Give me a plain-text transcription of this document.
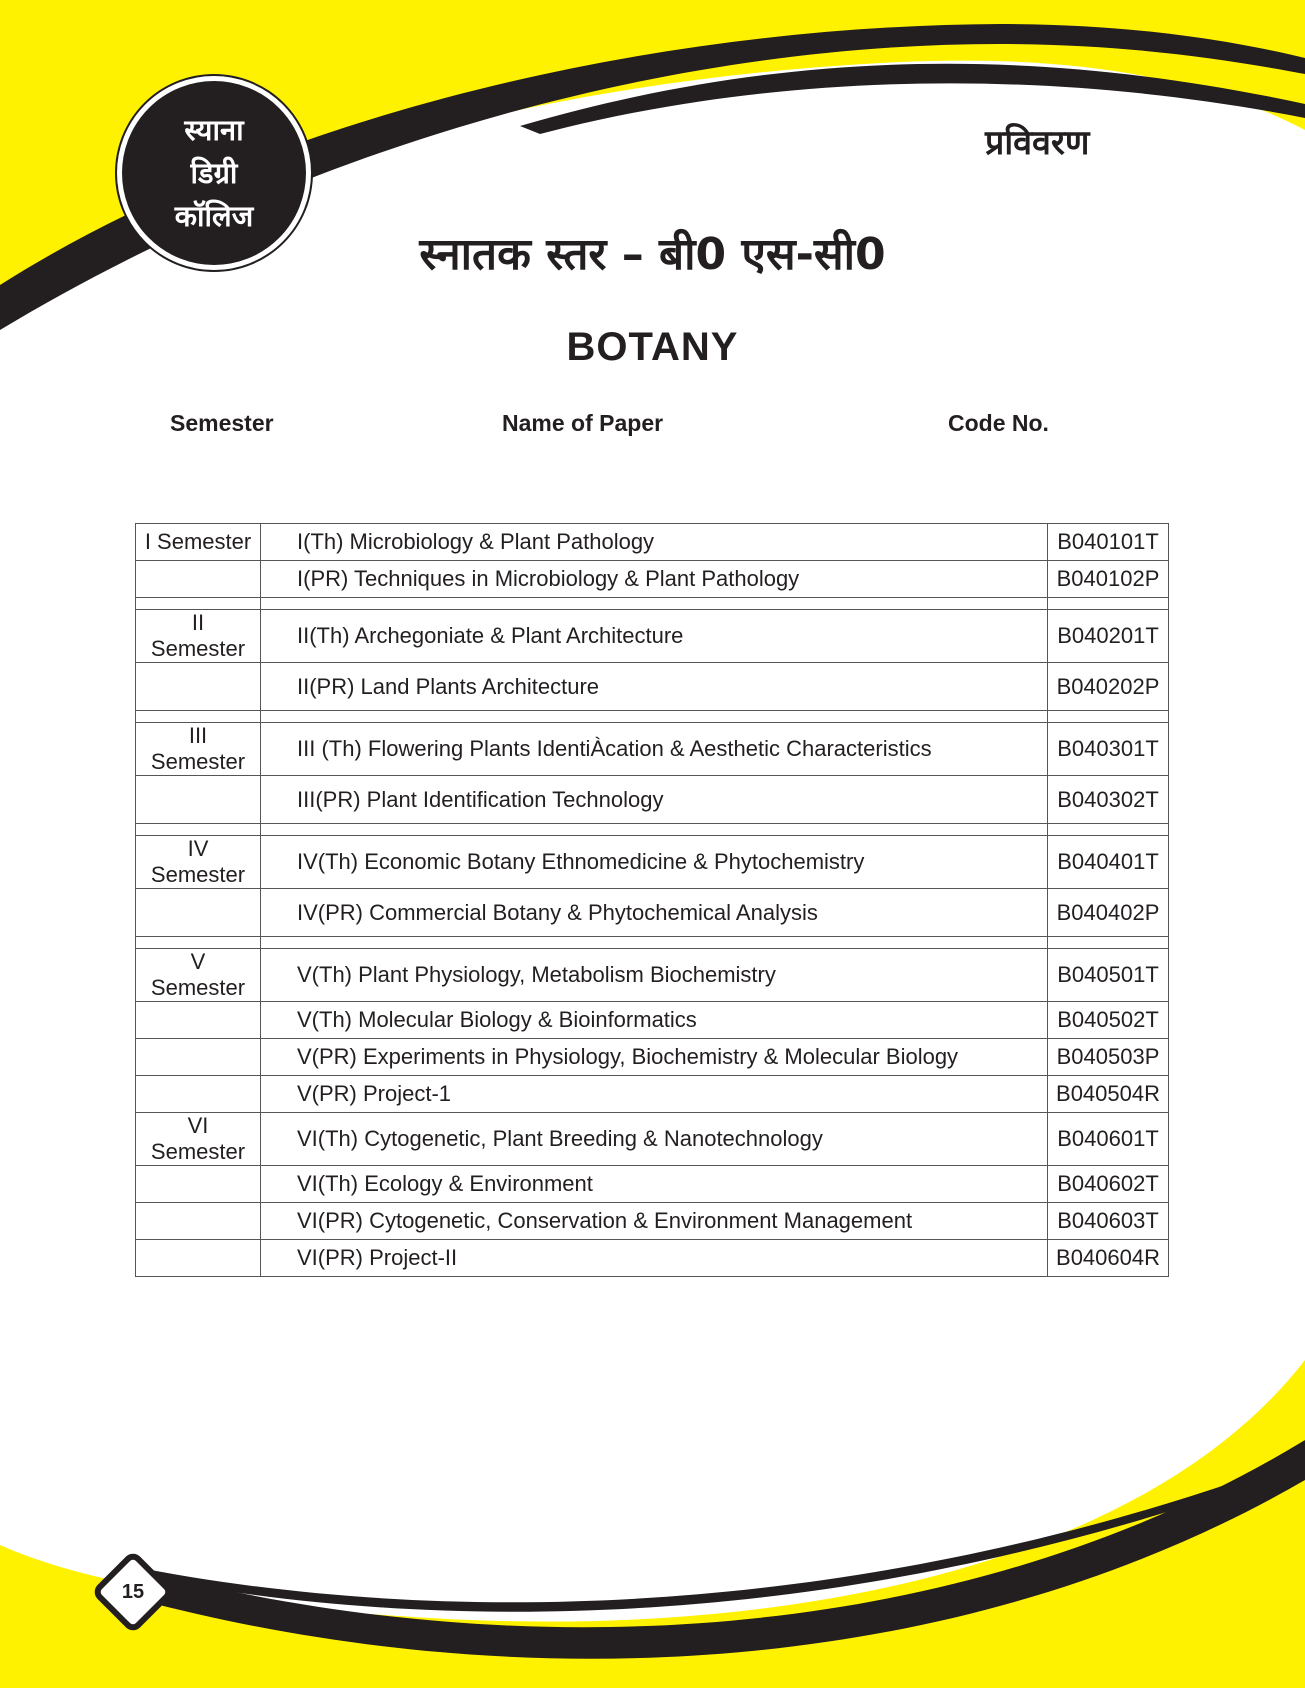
स्याना
डिग्री
कॉलिज
प्रविवरण
स्नातक स्तर – बी0 एस-सी0
BOTANY
Semester	Name of Paper	Code No.
I Semester	I(Th) Microbiology & Plant Pathology	B040101T
	I(PR) Techniques in Microbiology & Plant Pathology	B040102P

II Semester	II(Th) Archegoniate & Plant Architecture	B040201T
	II(PR) Land Plants Architecture	B040202P

III Semester	III (Th) Flowering Plants IdentiÀcation & Aesthetic Characteristics	B040301T
	III(PR) Plant Identification Technology	B040302T

IV Semester	IV(Th) Economic Botany Ethnomedicine & Phytochemistry	B040401T
	IV(PR) Commercial Botany & Phytochemical Analysis	B040402P

V Semester	V(Th) Plant Physiology, Metabolism Biochemistry	B040501T
	V(Th) Molecular Biology & Bioinformatics	B040502T
	V(PR) Experiments in Physiology, Biochemistry & Molecular Biology	B040503P
	V(PR) Project-1	B040504R
VI Semester	VI(Th) Cytogenetic, Plant Breeding & Nanotechnology	B040601T
	VI(Th) Ecology & Environment	B040602T
	VI(PR) Cytogenetic, Conservation & Environment Management	B040603T
	VI(PR) Project-II	B040604R
15
